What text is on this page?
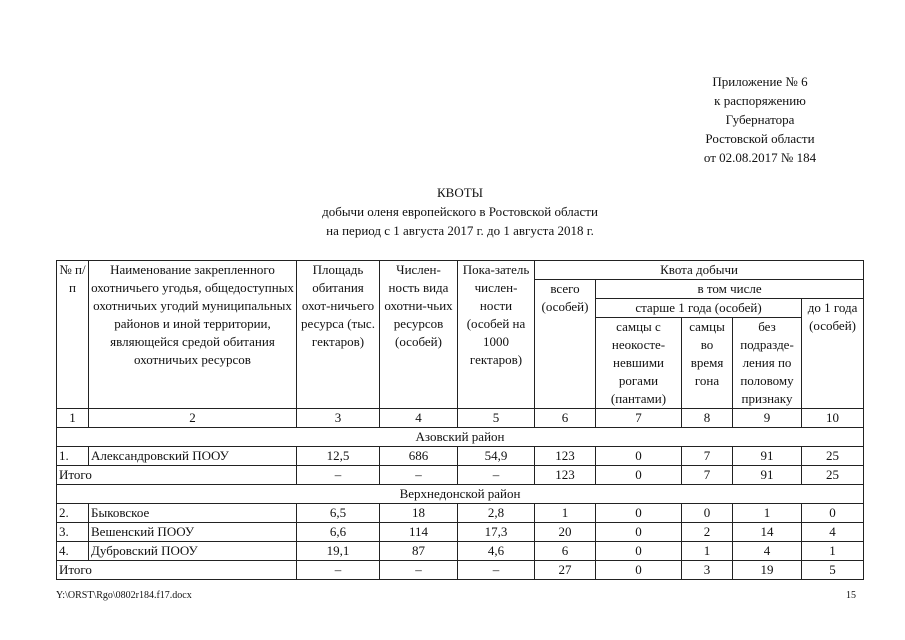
Приложение № 6
к распоряжению
Губернатора
Ростовской области
от 02.08.2017 № 184
КВОТЫ
добычи оленя европейского в Ростовской области
на период с 1 августа 2017 г. до 1 августа 2018 г.
№ п/п	Наименование закрепленного охотничьего угодья, общедоступных охотничьих угодий муниципальных районов и иной территории, являющейся средой обитания охотничьих ресурсов	Площадь обитания охот-ничьего ресурса (тыс. гектаров)	Числен-ность вида охотни-чьих ресурсов (особей)	Пока-затель числен-ности (особей на 1000 гектаров)	Квота добычи				
					всего (особей)	в том числе			
						старше 1 года (особей)			до 1 года (особей)
						самцы с неокосте-невшими рогами (пантами)	самцы во время гона	без подразде-ления по половому признаку	
1	2	3	4	5	6	7	8	9	10
Азовский район									
1.	Александровский ПООУ	12,5	686	54,9	123	0	7	91	25
Итого		–	–	–	123	0	7	91	25
Верхнедонской район									
2.	Быковское	6,5	18	2,8	1	0	0	1	0
3.	Вешенский ПООУ	6,6	114	17,3	20	0	2	14	4
4.	Дубровский ПООУ	19,1	87	4,6	6	0	1	4	1
Итого		–	–	–	27	0	3	19	5
Y:\ORST\Rgo\0802r184.f17.docx	15
